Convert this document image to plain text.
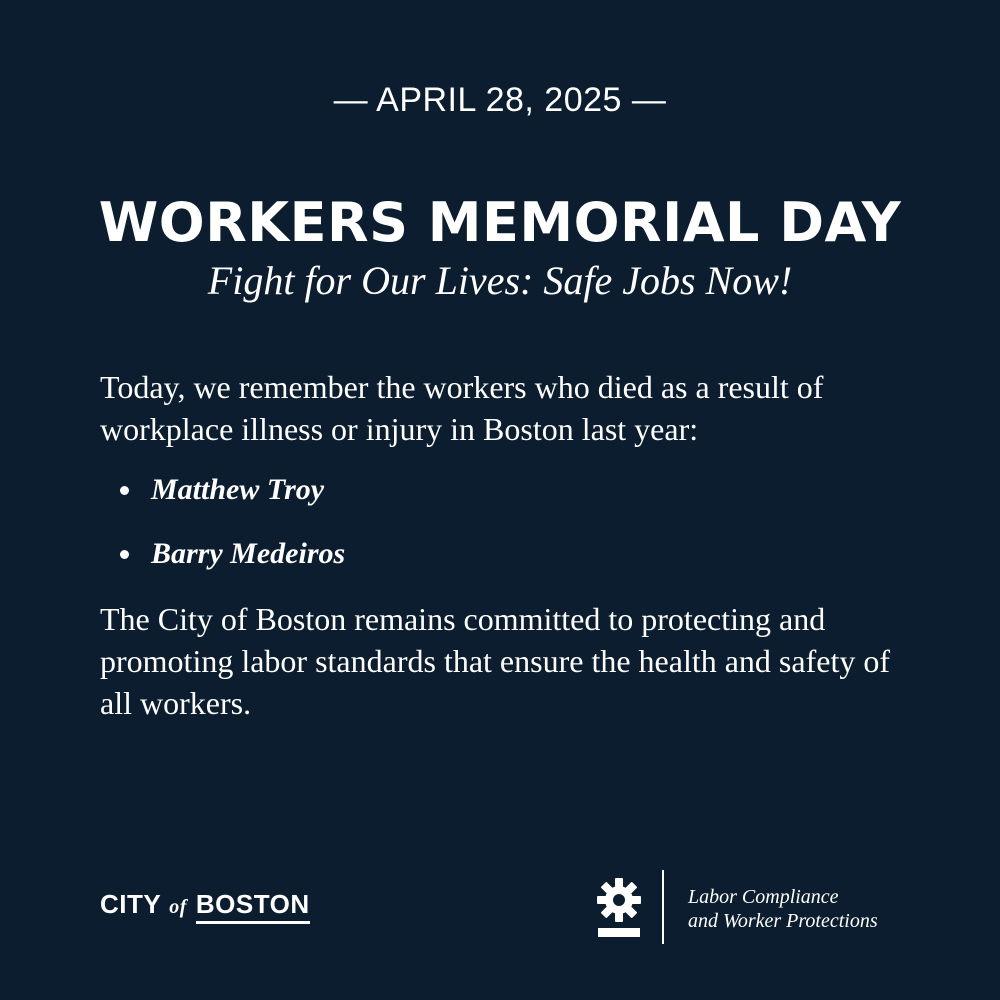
— APRIL 28, 2025 —
WORKERS MEMORIAL DAY
Fight for Our Lives: Safe Jobs Now!

Today, we remember the workers who died as a result of workplace illness or injury in Boston last year:

Matthew Troy
Barry Medeiros

The City of Boston remains committed to protecting and promoting labor standards that ensure the health and safety of all workers.

CITY of BOSTON	Labor Compliance
and Worker Protections
